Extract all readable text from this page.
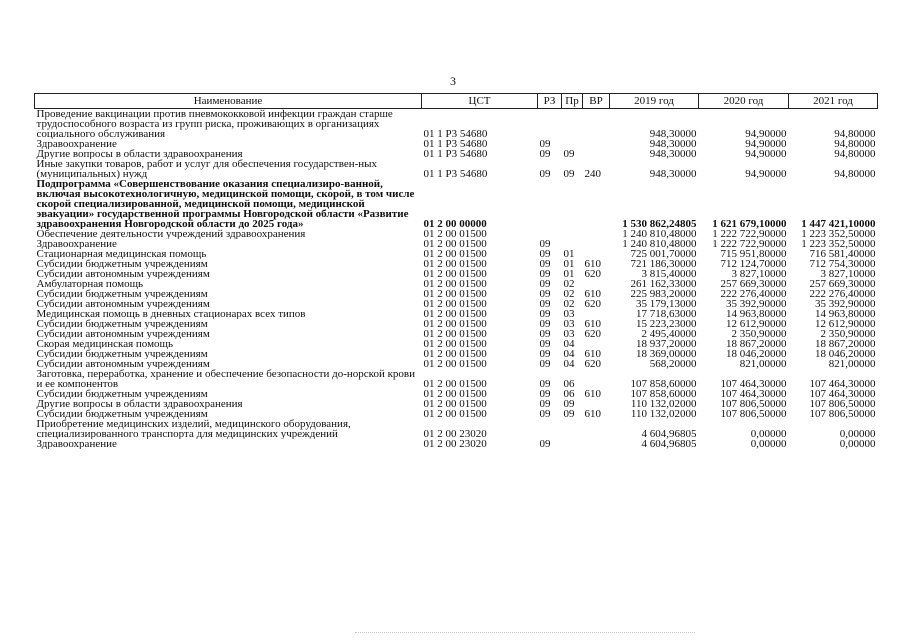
3
Наименование	ЦСТ	РЗ	Пр	ВР	2019 год	2020 год	2021 год
Проведение вакцинации против пневмококковой инфекции граждан старше трудоспособного возраста из групп риска, проживающих в организациях социального обслуживания	01 1 P3 54680				948,30000	94,90000	94,80000
Здравоохранение	01 1 P3 54680	09			948,30000	94,90000	94,80000
Другие вопросы в области здравоохранения	01 1 P3 54680	09	09		948,30000	94,90000	94,80000
Иные закупки товаров, работ и услуг для обеспечения государствен-ных (муниципальных) нужд	01 1 P3 54680	09	09	240	948,30000	94,90000	94,80000
Подпрограмма «Совершенствование оказания специализиро-ванной, включая высокотехнологичную, медицинской помощи, скорой, в том числе скорой специализированной, медицинской помощи, медицинской эвакуации» государственной программы Новгородской области «Развитие здравоохранения Новгородской области до 2025 года»	01 2 00 00000				1 530 862,24805	1 621 679,10000	1 447 421,10000
Обеспечение деятельности учреждений здравоохранения	01 2 00 01500				1 240 810,48000	1 222 722,90000	1 223 352,50000
Здравоохранение	01 2 00 01500	09			1 240 810,48000	1 222 722,90000	1 223 352,50000
Стационарная медицинская помощь	01 2 00 01500	09	01		725 001,70000	715 951,80000	716 581,40000
Субсидии бюджетным учреждениям	01 2 00 01500	09	01	610	721 186,30000	712 124,70000	712 754,30000
Субсидии автономным учреждениям	01 2 00 01500	09	01	620	3 815,40000	3 827,10000	3 827,10000
Амбулаторная помощь	01 2 00 01500	09	02		261 162,33000	257 669,30000	257 669,30000
Субсидии бюджетным учреждениям	01 2 00 01500	09	02	610	225 983,20000	222 276,40000	222 276,40000
Субсидии автономным учреждениям	01 2 00 01500	09	02	620	35 179,13000	35 392,90000	35 392,90000
Медицинская помощь в дневных стационарах всех типов	01 2 00 01500	09	03		17 718,63000	14 963,80000	14 963,80000
Субсидии бюджетным учреждениям	01 2 00 01500	09	03	610	15 223,23000	12 612,90000	12 612,90000
Субсидии автономным учреждениям	01 2 00 01500	09	03	620	2 495,40000	2 350,90000	2 350,90000
Скорая медицинская помощь	01 2 00 01500	09	04		18 937,20000	18 867,20000	18 867,20000
Субсидии бюджетным учреждениям	01 2 00 01500	09	04	610	18 369,00000	18 046,20000	18 046,20000
Субсидии автономным учреждениям	01 2 00 01500	09	04	620	568,20000	821,00000	821,00000
Заготовка, переработка, хранение и обеспечение безопасности до-норской крови и ее компонентов	01 2 00 01500	09	06		107 858,60000	107 464,30000	107 464,30000
Субсидии бюджетным учреждениям	01 2 00 01500	09	06	610	107 858,60000	107 464,30000	107 464,30000
Другие вопросы в области здравоохранения	01 2 00 01500	09	09		110 132,02000	107 806,50000	107 806,50000
Субсидии бюджетным учреждениям	01 2 00 01500	09	09	610	110 132,02000	107 806,50000	107 806,50000
Приобретение медицинских изделий, медицинского оборудования, специализированного транспорта для медицинских учреждений	01 2 00 23020				4 604,96805	0,00000	0,00000
Здравоохранение	01 2 00 23020	09			4 604,96805	0,00000	0,00000
